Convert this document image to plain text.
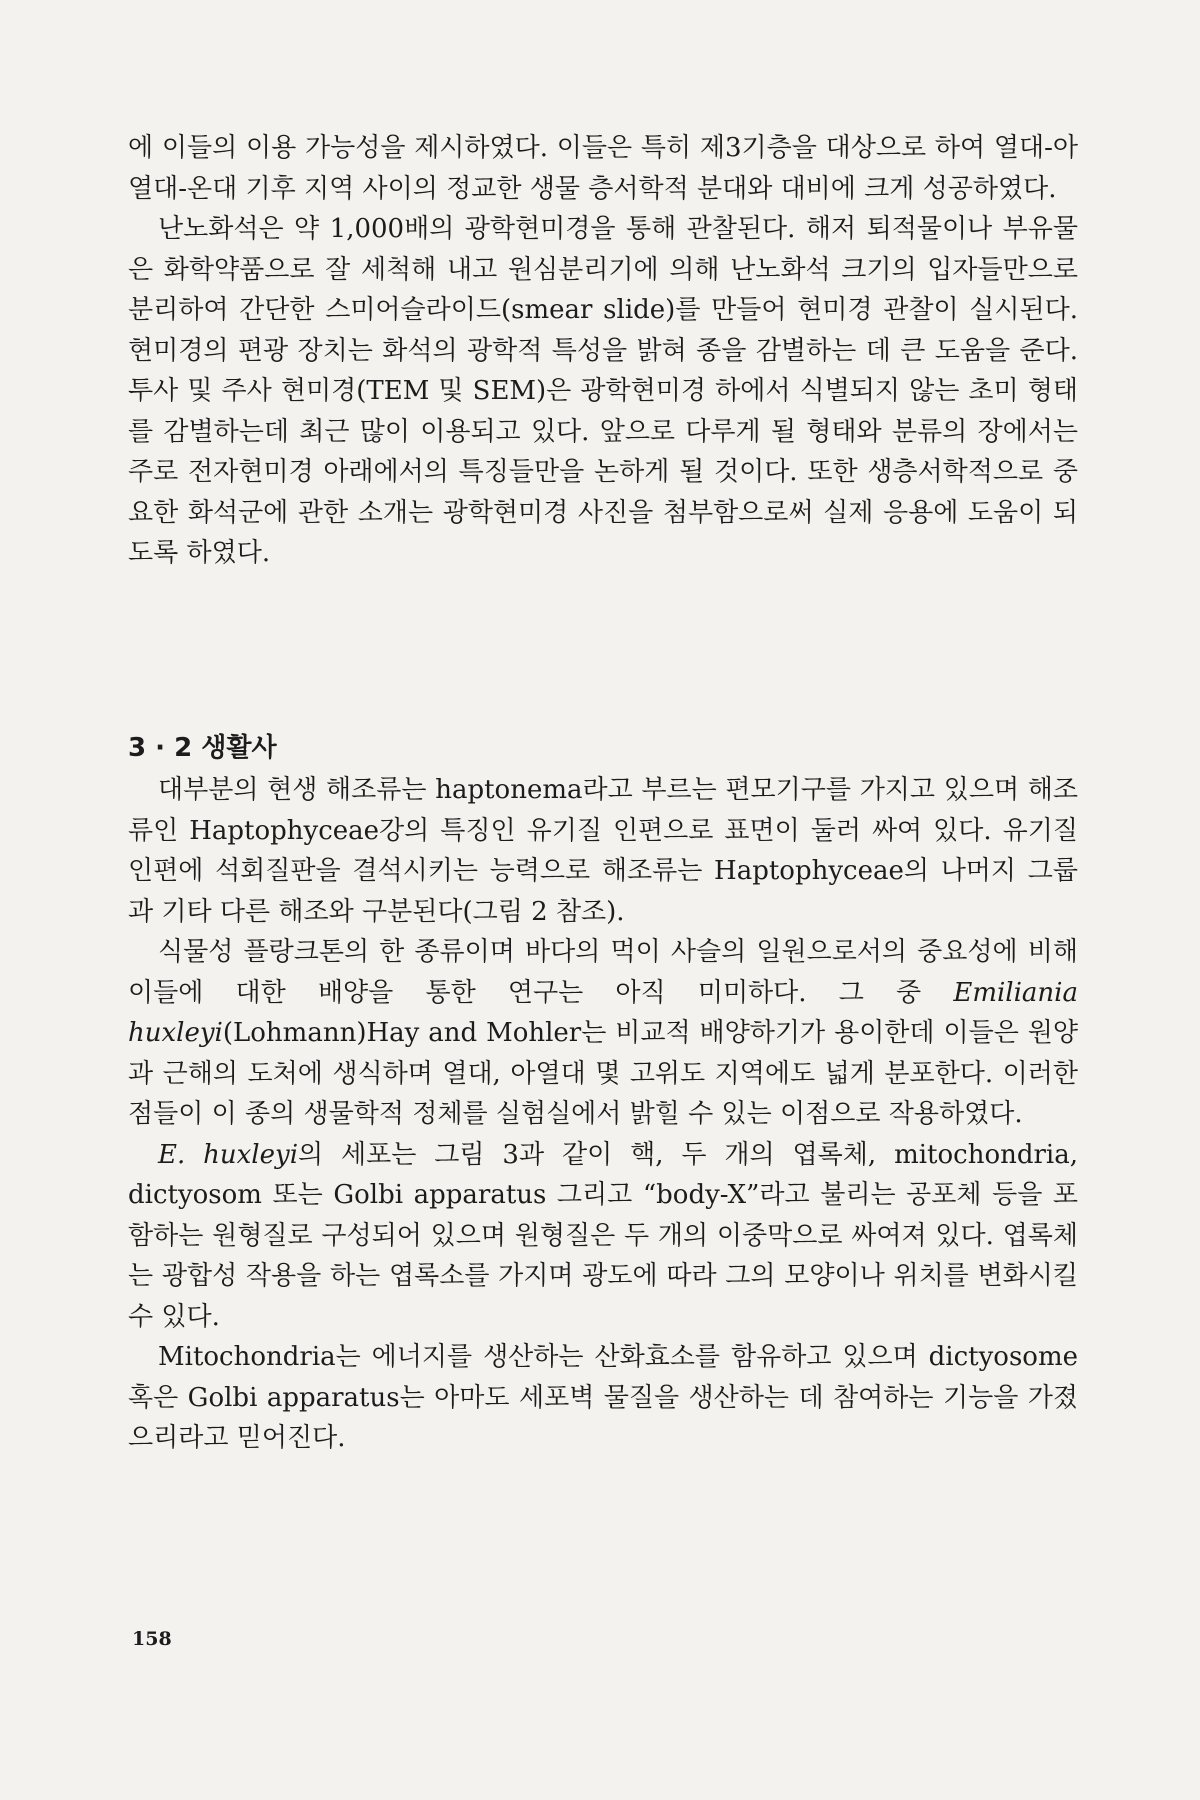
에 이들의 이용 가능성을 제시하였다. 이들은 특히 제3기층을 대상으로 하여 열대-아열대-온대 기후 지역 사이의 정교한 생물 층서학적 분대와 대비에 크게 성공하였다.

난노화석은 약 1,000배의 광학현미경을 통해 관찰된다. 해저 퇴적물이나 부유물은 화학약품으로 잘 세척해 내고 원심분리기에 의해 난노화석 크기의 입자들만으로 분리하여 간단한 스미어슬라이드(smear slide)를 만들어 현미경 관찰이 실시된다. 현미경의 편광 장치는 화석의 광학적 특성을 밝혀 종을 감별하는 데 큰 도움을 준다. 투사 및 주사 현미경(TEM 및 SEM)은 광학현미경 하에서 식별되지 않는 초미 형태를 감별하는데 최근 많이 이용되고 있다. 앞으로 다루게 될 형태와 분류의 장에서는 주로 전자현미경 아래에서의 특징들만을 논하게 될 것이다. 또한 생층서학적으로 중요한 화석군에 관한 소개는 광학현미경 사진을 첨부함으로써 실제 응용에 도움이 되도록 하였다.

3 · 2 생활사

대부분의 현생 해조류는 haptonema라고 부르는 편모기구를 가지고 있으며 해조류인 Haptophyceae강의 특징인 유기질 인편으로 표면이 둘러 싸여 있다. 유기질 인편에 석회질판을 결석시키는 능력으로 해조류는 Haptophyceae의 나머지 그룹과 기타 다른 해조와 구분된다(그림 2 참조).

식물성 플랑크톤의 한 종류이며 바다의 먹이 사슬의 일원으로서의 중요성에 비해 이들에 대한 배양을 통한 연구는 아직 미미하다. 그 중 Emiliania huxleyi(Lohmann)Hay and Mohler는 비교적 배양하기가 용이한데 이들은 원양과 근해의 도처에 생식하며 열대, 아열대 몇 고위도 지역에도 넓게 분포한다. 이러한 점들이 이 종의 생물학적 정체를 실험실에서 밝힐 수 있는 이점으로 작용하였다.

E. huxleyi의 세포는 그림 3과 같이 핵, 두 개의 엽록체, mitochondria, dictyosom 또는 Golbi apparatus 그리고 “body-X”라고 불리는 공포체 등을 포함하는 원형질로 구성되어 있으며 원형질은 두 개의 이중막으로 싸여져 있다. 엽록체는 광합성 작용을 하는 엽록소를 가지며 광도에 따라 그의 모양이나 위치를 변화시킬 수 있다.

Mitochondria는 에너지를 생산하는 산화효소를 함유하고 있으며 dictyosome 혹은 Golbi apparatus는 아마도 세포벽 물질을 생산하는 데 참여하는 기능을 가졌으리라고 믿어진다.

158
